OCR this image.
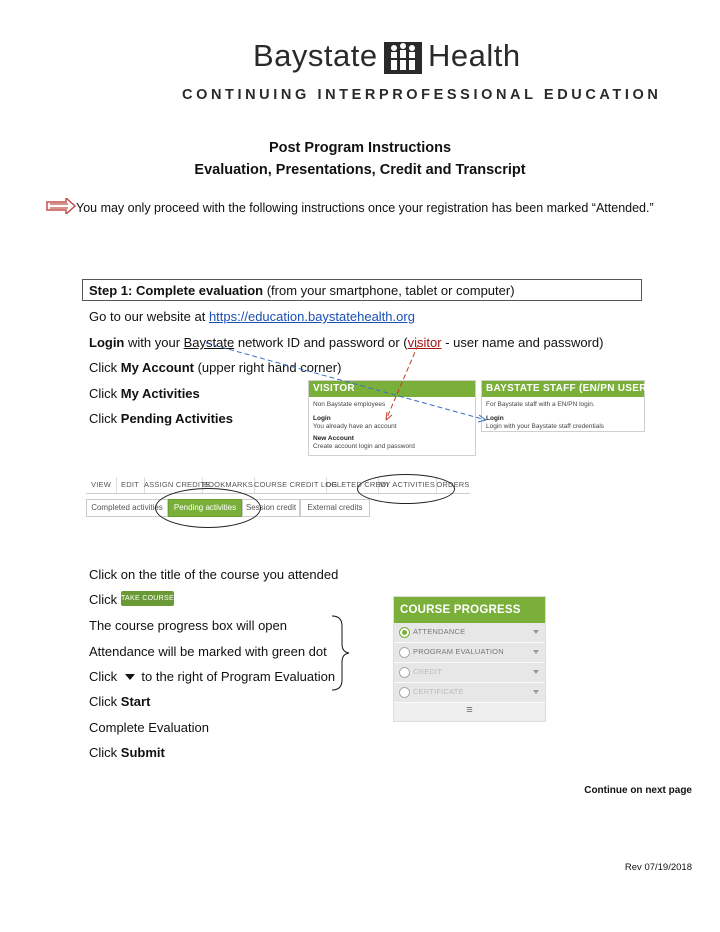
Baystate Health
CONTINUING INTERPROFESSIONAL EDUCATION
Post Program Instructions
Evaluation, Presentations, Credit and Transcript
You may only proceed with the following instructions once your registration has been marked “Attended.”
Step 1: Complete evaluation (from your smartphone, tablet or computer)
Go to our website at https://education.baystatehealth.org
Login with your Baystate network ID and password or (visitor - user name and password)
Click My Account (upper right hand corner)
Click My Activities
Click Pending Activities
VISITOR
Non Baystate employees
Login
You already have an account
New Account
Create account login and password
BAYSTATE STAFF (EN/PN USERS)
For Baystate staff with a EN/PN login.
Login
Login with your Baystate staff credentials
VIEW	EDIT ASSIGN CREDITS
BOOKMARKS COURSE CREDIT LOG
DELETED CREDI
MY ACTIVITIES ORDERS
Completed activities	Pending activities	Session credit	External credits
Click on the title of the course you attended
Click TAKE COURSE ▸
The course progress box will open
Attendance will be marked with green dot
Click  to the right of Program Evaluation
Click Start
Complete Evaluation
Click Submit
COURSE PROGRESS
ATTENDANCE
PROGRAM EVALUATION
CREDIT
CERTIFICATE
≡
Continue on next page
Rev 07/19/2018
